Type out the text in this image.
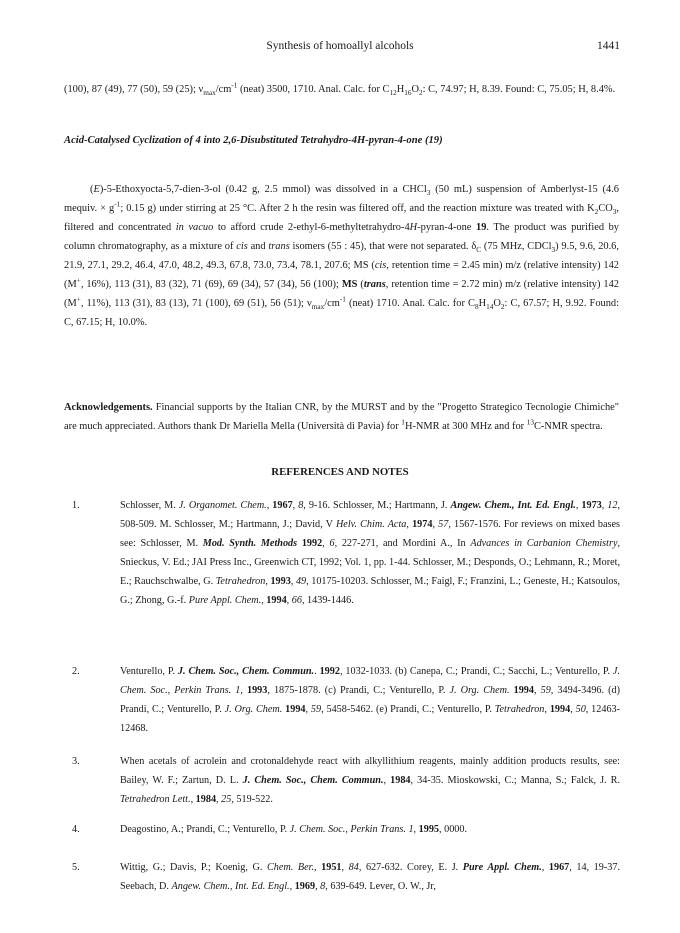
Synthesis of homoallyl alcohols	1441

(100), 87 (49), 77 (50), 59 (25); $\nu_{max}/cm^{-1}$ (neat) 3500, 1710. Anal. Calc. for $C_{12}H_{16}O_2$: C, 74.97; H, 8.39. Found: C, 75.05; H, 8.4%.

Acid-Catalysed Cyclization of 4 into 2,6-Disubstituted Tetrahydro-4H-pyran-4-one (19)

(E)-5-Ethoxyocta-5,7-dien-3-ol (0.42 g, 2.5 mmol) was dissolved in a CHCl$_3$ (50 mL) suspension of Amberlyst-15 (4.6 mequiv. × $g^{-1}$; 0.15 g) under stirring at 25 °C. After 2 h the resin was filtered off, and the reaction mixture was treated with $K_2CO_3$, filtered and concentrated in vacuo to afford crude 2-ethyl-6-methyltetrahydro-4H-pyran-4-one 19. The product was purified by column chromatography, as a mixture of cis and trans isomers (55 : 45), that were not separated. $\delta_C$ (75 MHz, CDCl$_3$) 9.5, 9.6, 20.6, 21.9, 27.1, 29.2, 46.4, 47.0, 48.2, 49.3, 67.8, 73.0, 73.4, 78.1, 207.6; MS (cis, retention time = 2.45 min) m/z (relative intensity) 142 (M+, 16%), 113 (31), 83 (32), 71 (69), 69 (34), 57 (34), 56 (100); MS (trans, retention time = 2.72 min) m/z (relative intensity) 142 (M+, 11%), 113 (31), 83 (13), 71 (100), 69 (51), 56 (51); $\nu_{max}/cm^{-1}$ (neat) 1710. Anal. Calc. for $C_8H_{14}O_2$: C, 67.57; H, 9.92. Found: C, 67.15; H, 10.0%.

Acknowledgements. Financial supports by the Italian CNR, by the MURST and by the "Progetto Strategico Tecnologie Chimiche" are much appreciated. Authors thank Dr Mariella Mella (Università di Pavia) for $^1$H-NMR at 300 MHz and for $^{13}$C-NMR spectra.

REFERENCES AND NOTES
1.	Schlosser, M. J. Organomet. Chem., 1967, 8, 9-16. Schlosser, M.; Hartmann, J. Angew. Chem., Int. Ed. Engl., 1973, 12, 508-509. M. Schlosser, M.; Hartmann, J.; David, V Helv. Chim. Acta, 1974, 57, 1567-1576. For reviews on mixed bases see: Schlosser, M. Mod. Synth. Methods 1992, 6, 227-271, and Mordini A., In Advances in Carbanion Chemistry, Snieckus, V. Ed.; JAI Press Inc., Greenwich CT, 1992; Vol. 1, pp. 1-44. Schlosser, M.; Desponds, O.; Lehmann, R.; Moret, E.; Rauchschwalbe, G. Tetrahedron, 1993, 49, 10175-10203. Schlosser, M.; Faigl, F.; Franzini, L.; Geneste, H.; Katsoulos, G.; Zhong, G.-f. Pure Appl. Chem., 1994, 66, 1439-1446.
2.	Venturello, P. J. Chem. Soc., Chem. Commun.. 1992, 1032-1033. (b) Canepa, C.; Prandi, C.; Sacchi, L.; Venturello, P. J. Chem. Soc., Perkin Trans. 1, 1993, 1875-1878. (c) Prandi, C.; Venturello, P. J. Org. Chem. 1994, 59, 3494-3496. (d) Prandi, C.; Venturello, P. J. Org. Chem. 1994, 59, 5458-5462. (e) Prandi, C.; Venturello, P. Tetrahedron, 1994, 50, 12463-12468.
3.	When acetals of acrolein and crotonaldehyde react with alkyllithium reagents, mainly addition products results, see: Bailey, W. F.; Zartun, D. L. J. Chem. Soc., Chem. Commun., 1984, 34-35. Mioskowski, C.; Manna, S.; Falck, J. R. Tetrahedron Lett., 1984, 25, 519-522.
4.	Deagostino, A.; Prandi, C.; Venturello, P. J. Chem. Soc., Perkin Trans. 1, 1995, 0000.
5.	Wittig, G.; Davis, P.; Koenig, G. Chem. Ber., 1951, 84, 627-632. Corey, E. J. Pure Appl. Chem., 1967, 14, 19-37. Seebach, D. Angew. Chem., Int. Ed. Engl., 1969, 8, 639-649. Lever, O. W., Jr,
